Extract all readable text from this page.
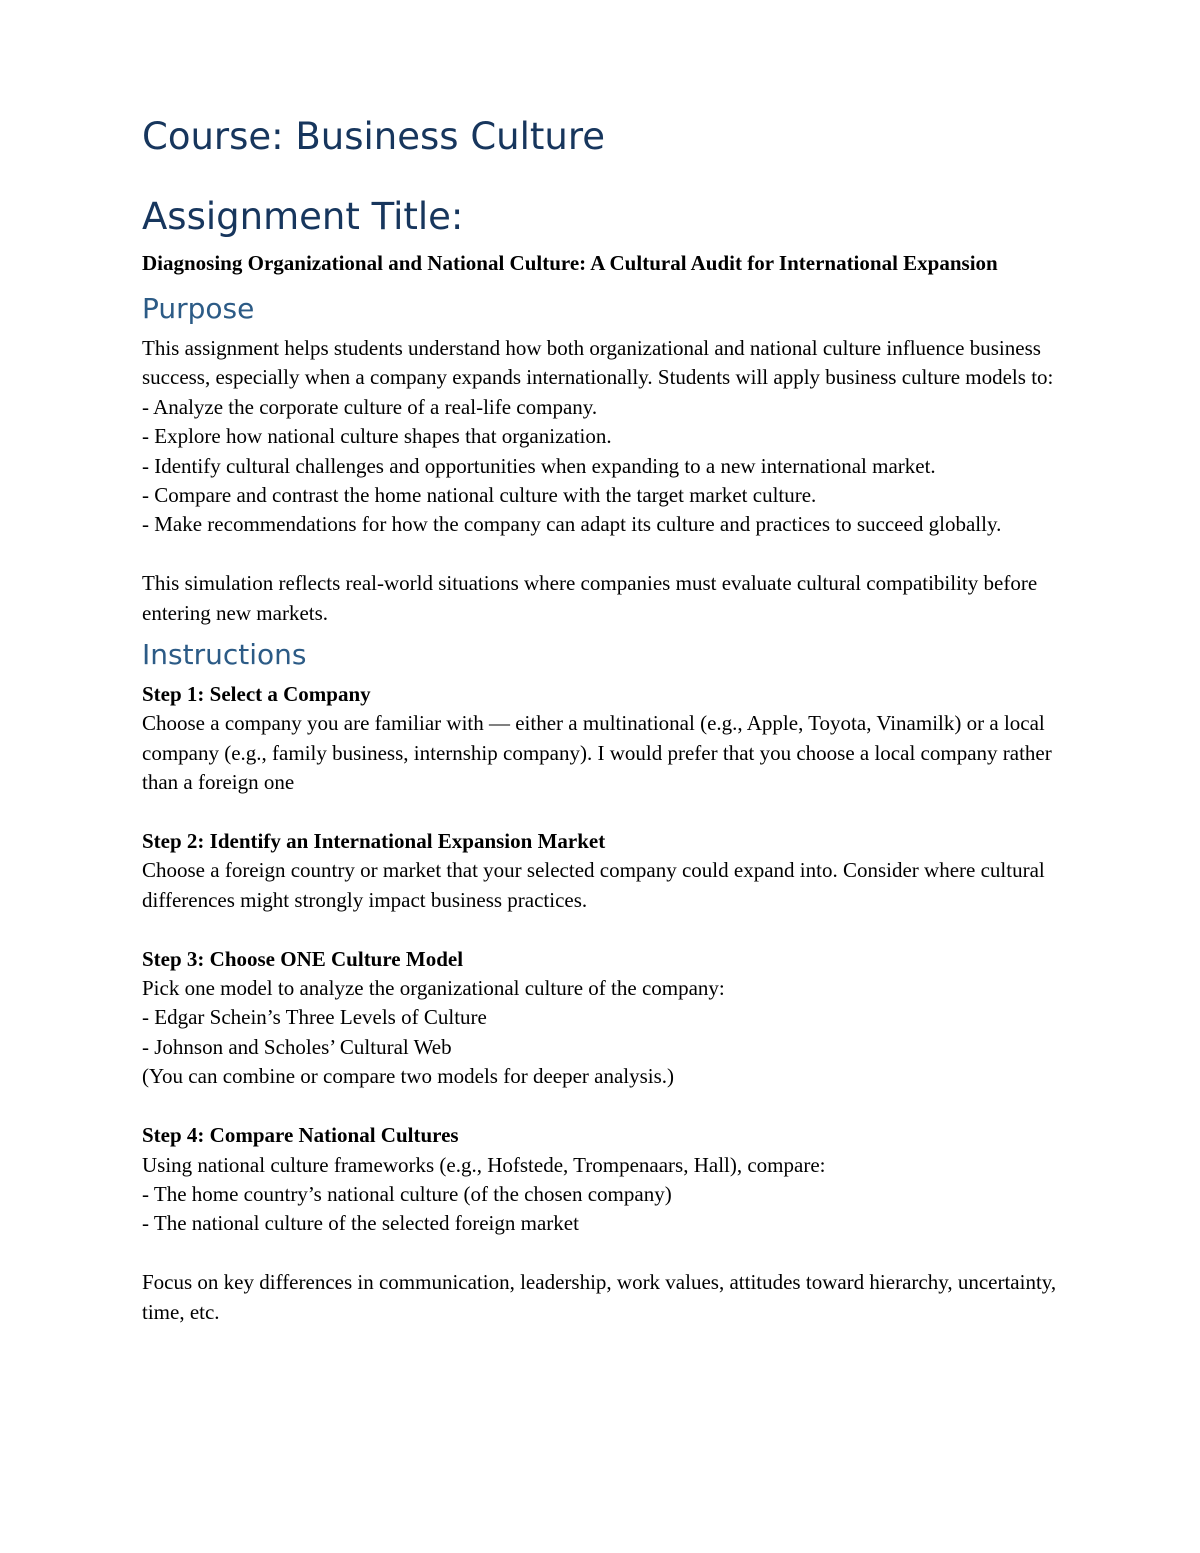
Course: Business Culture
Assignment Title:

Diagnosing Organizational and National Culture: A Cultural Audit for International Expansion

Purpose
This assignment helps students understand how both organizational and national culture influence business success, especially when a company expands internationally. Students will apply business culture models to:
- Analyze the corporate culture of a real-life company.
- Explore how national culture shapes that organization.
- Identify cultural challenges and opportunities when expanding to a new international market.
- Compare and contrast the home national culture with the target market culture.
- Make recommendations for how the company can adapt its culture and practices to succeed globally.
This simulation reflects real-world situations where companies must evaluate cultural compatibility before entering new markets.
Instructions
Step 1: Select a Company
Choose a company you are familiar with — either a multinational (e.g., Apple, Toyota, Vinamilk) or a local company (e.g., family business, internship company). I would prefer that you choose a local company rather than a foreign one
Step 2: Identify an International Expansion Market
Choose a foreign country or market that your selected company could expand into. Consider where cultural differences might strongly impact business practices.
Step 3: Choose ONE Culture Model
Pick one model to analyze the organizational culture of the company:
- Edgar Schein’s Three Levels of Culture
- Johnson and Scholes’ Cultural Web
(You can combine or compare two models for deeper analysis.)
Step 4: Compare National Cultures
Using national culture frameworks (e.g., Hofstede, Trompenaars, Hall), compare:
- The home country’s national culture (of the chosen company)
- The national culture of the selected foreign market
Focus on key differences in communication, leadership, work values, attitudes toward hierarchy, uncertainty, time, etc.
